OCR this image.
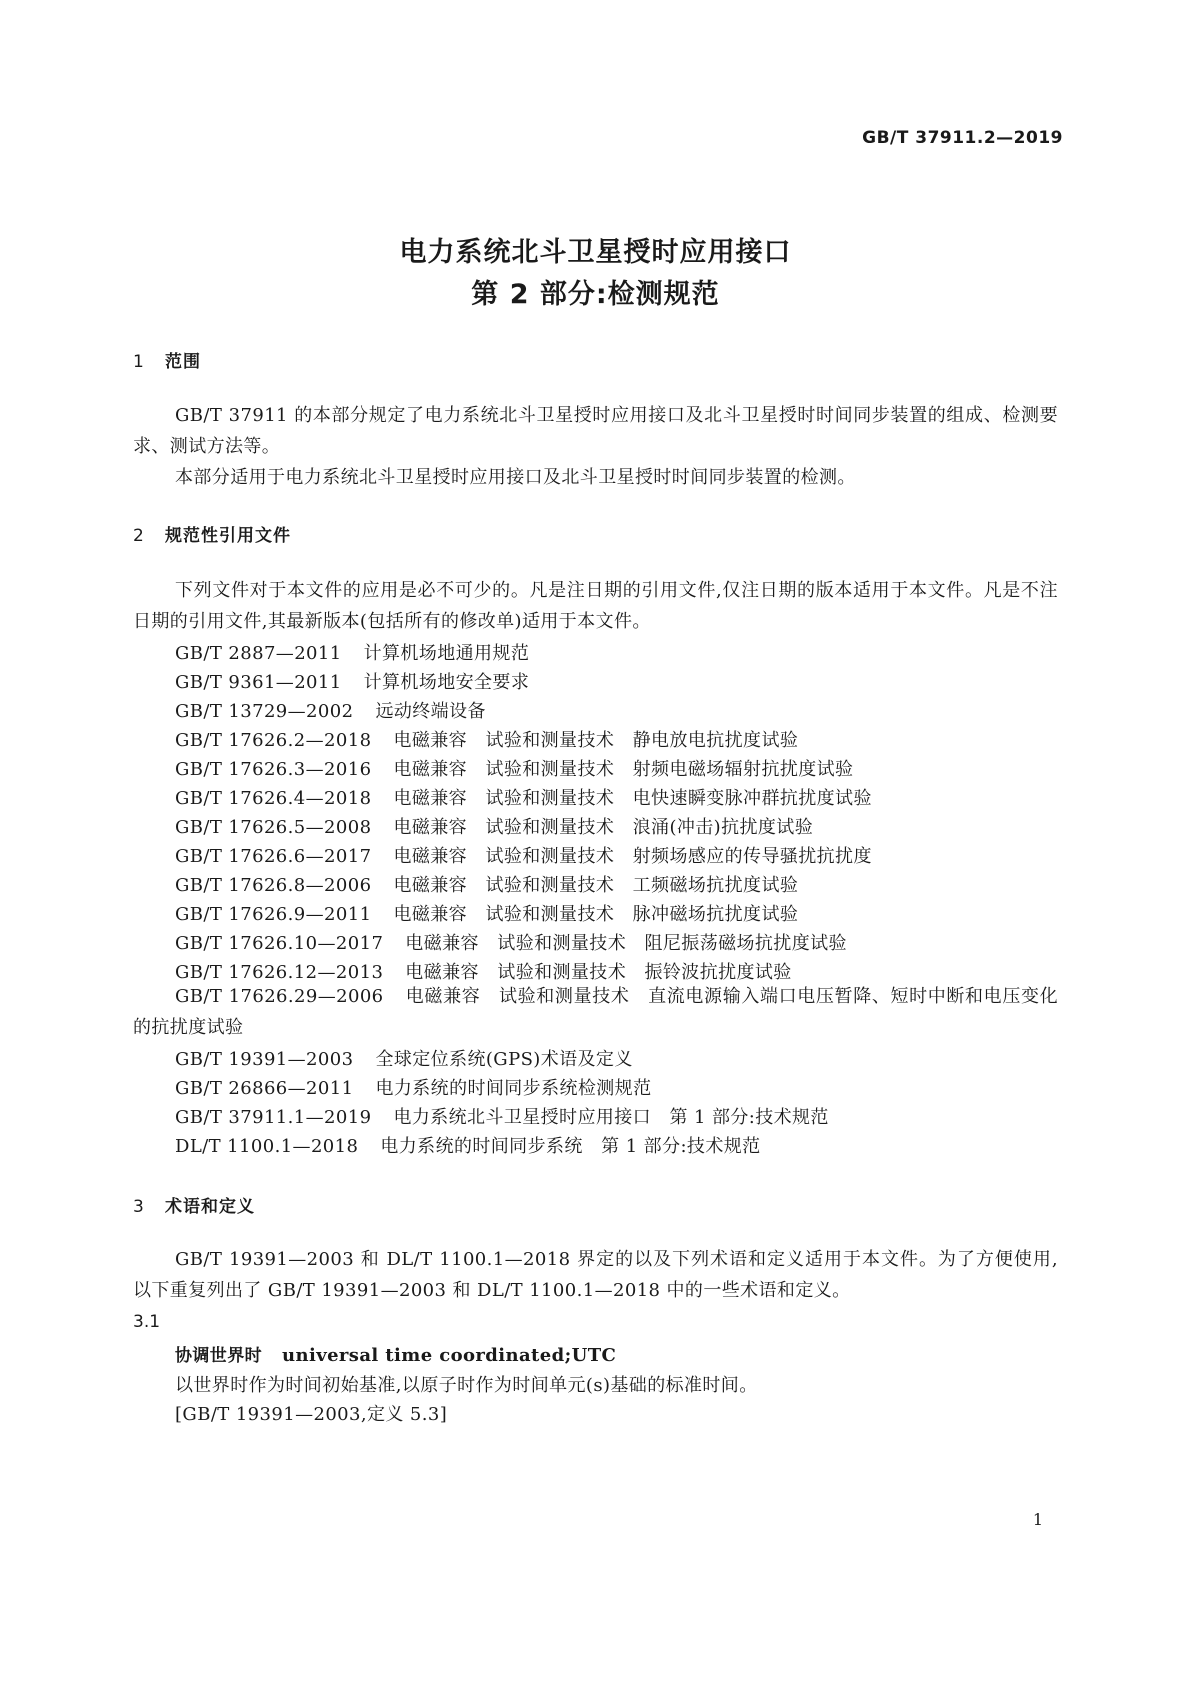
GB/T 37911.2—2019
电力系统北斗卫星授时应用接口
第 2 部分:检测规范
1 范围
GB/T 37911 的本部分规定了电力系统北斗卫星授时应用接口及北斗卫星授时时间同步装置的组成、检测要求、测试方法等。
本部分适用于电力系统北斗卫星授时应用接口及北斗卫星授时时间同步装置的检测。
2 规范性引用文件
下列文件对于本文件的应用是必不可少的。凡是注日期的引用文件,仅注日期的版本适用于本文件。凡是不注日期的引用文件,其最新版本(包括所有的修改单)适用于本文件。
GB/T 2887—2011 计算机场地通用规范
GB/T 9361—2011 计算机场地安全要求
GB/T 13729—2002 远动终端设备
GB/T 17626.2—2018 电磁兼容　试验和测量技术　静电放电抗扰度试验
GB/T 17626.3—2016 电磁兼容　试验和测量技术　射频电磁场辐射抗扰度试验
GB/T 17626.4—2018 电磁兼容　试验和测量技术　电快速瞬变脉冲群抗扰度试验
GB/T 17626.5—2008 电磁兼容　试验和测量技术　浪涌(冲击)抗扰度试验
GB/T 17626.6—2017 电磁兼容　试验和测量技术　射频场感应的传导骚扰抗扰度
GB/T 17626.8—2006 电磁兼容　试验和测量技术　工频磁场抗扰度试验
GB/T 17626.9—2011 电磁兼容　试验和测量技术　脉冲磁场抗扰度试验
GB/T 17626.10—2017 电磁兼容　试验和测量技术　阻尼振荡磁场抗扰度试验
GB/T 17626.12—2013 电磁兼容　试验和测量技术　振铃波抗扰度试验
GB/T 17626.29—2006 电磁兼容　试验和测量技术　直流电源输入端口电压暂降、短时中断和电压变化的抗扰度试验
GB/T 19391—2003 全球定位系统(GPS)术语及定义
GB/T 26866—2011 电力系统的时间同步系统检测规范
GB/T 37911.1—2019 电力系统北斗卫星授时应用接口　第 1 部分:技术规范
DL/T 1100.1—2018 电力系统的时间同步系统　第 1 部分:技术规范
3 术语和定义
GB/T 19391—2003 和 DL/T 1100.1—2018 界定的以及下列术语和定义适用于本文件。为了方便使用,以下重复列出了 GB/T 19391—2003 和 DL/T 1100.1—2018 中的一些术语和定义。
3.1
协调世界时 universal time coordinated;UTC
以世界时作为时间初始基准,以原子时作为时间单元(s)基础的标准时间。
[GB/T 19391—2003,定义 5.3]
1
